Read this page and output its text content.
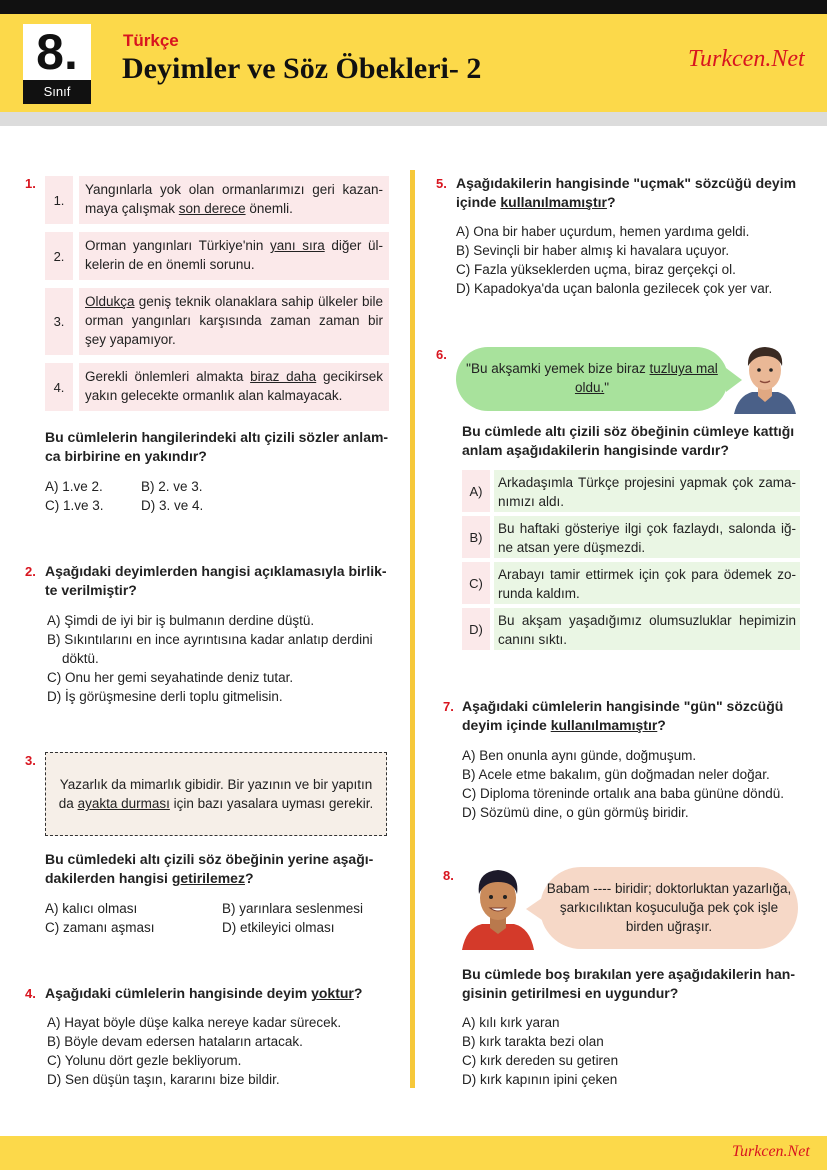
8.
Sınıf
Türkçe
Deyimler ve Söz Öbekleri- 2	Turkcen.Net
1.
1.
Yangınlarla yok olan ormanlarımızı geri kazan-maya çalışmak son derece önemli.
2.
Orman yangınları Türkiye'nin yanı sıra diğer ül-kelerin de en önemli sorunu.
3.
Oldukça geniş teknik olanaklara sahip ülkeler bile orman yangınları karşısında zaman zaman bir şey yapamıyor.
4.
Gerekli önlemleri almakta biraz daha gecikirsek yakın gelecekte ormanlık alan kalmayacak.
Bu cümlelerin hangilerindeki altı çizili sözler anlam-ca birbirine en yakındır?
A) 1.ve 2.	B) 2. ve 3.
C) 1.ve 3.	D) 3. ve 4.
2. Aşağıdaki deyimlerden hangisi açıklamasıyla birlik-te verilmiştir?
A) Şimdi de iyi bir iş bulmanın derdine düştü.
B) Sıkıntılarını en ince ayrıntısına kadar anlatıp derdini
döktü.
C) Onu her gemi seyahatinde deniz tutar.
D) İş görüşmesine derli toplu gitmelisin.
3.
Yazarlık da mimarlık gibidir. Bir yazının ve bir yapıtın da ayakta durması için bazı yasalara uyması gerekir.
Bu cümledeki altı çizili söz öbeğinin yerine aşağı-dakilerden hangisi getirilemez?
A) kalıcı olması	B) yarınlara seslenmesi
C) zamanı aşması	D) etkileyici olması
4. Aşağıdaki cümlelerin hangisinde deyim yoktur?
A) Hayat böyle düşe kalka nereye kadar sürecek.
B) Böyle devam edersen hataların artacak.
C) Yolunu dört gezle bekliyorum.
D) Sen düşün taşın, kararını bize bildir.
5. Aşağıdakilerin hangisinde "uçmak" sözcüğü deyim içinde kullanılmamıştır?
A) Ona bir haber uçurdum, hemen yardıma geldi.
B) Sevinçli bir haber almış ki havalara uçuyor.
C) Fazla yükseklerden uçma, biraz gerçekçi ol.
D) Kapadokya'da uçan balonla gezilecek çok yer var.
6.
"Bu akşamki yemek bize biraz tuzluya mal oldu."
Bu cümlede altı çizili söz öbeğinin cümleye kattığı anlam aşağıdakilerin hangisinde vardır?
A)
Arkadaşımla Türkçe projesini yapmak çok zama-nımızı aldı.
B)
Bu haftaki gösteriye ilgi çok fazlaydı, salonda iğ-ne atsan yere düşmezdi.
C)
Arabayı tamir ettirmek için çok para ödemek zo-runda kaldım.
D)
Bu akşam yaşadığımız olumsuzluklar hepimizin canını sıktı.
7. Aşağıdaki cümlelerin hangisinde "gün" sözcüğü deyim içinde kullanılmamıştır?
A) Ben onunla aynı günde, doğmuşum.
B) Acele etme bakalım, gün doğmadan neler doğar.
C) Diploma töreninde ortalık ana baba gününe döndü.
D) Sözümü dine, o gün görmüş biridir.
8.
Babam ---- biridir; doktorluktan yazarlığa, şarkıcılıktan koşuculuğa pek çok işle birden uğraşır.
Bu cümlede boş bırakılan yere aşağıdakilerin han-gisinin getirilmesi en uygundur?
A) kılı kırk yaran
B) kırk tarakta bezi olan
C) kırk dereden su getiren
D) kırk kapının ipini çeken
Turkcen.Net
